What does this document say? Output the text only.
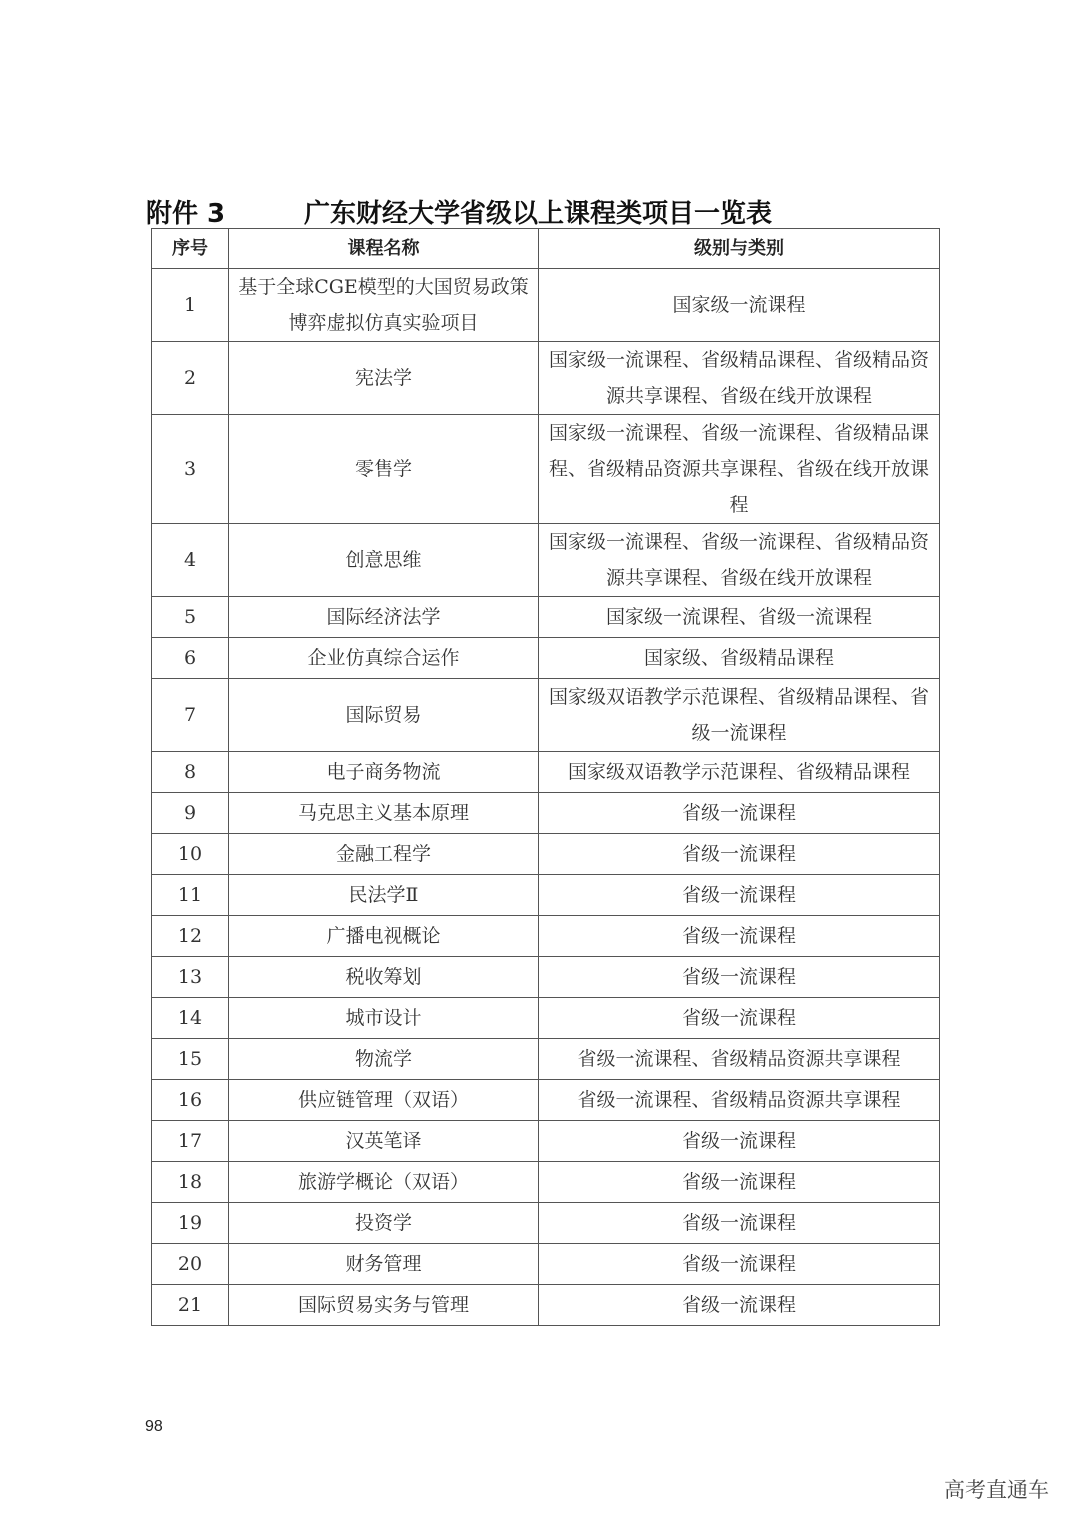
附件 3	广东财经大学省级以上课程类项目一览表
序号	课程名称	级别与类别
1	基于全球CGE模型的大国贸易政策博弈虚拟仿真实验项目	国家级一流课程
2	宪法学	国家级一流课程、省级精品课程、省级精品资源共享课程、省级在线开放课程
3	零售学	国家级一流课程、省级一流课程、省级精品课程、省级精品资源共享课程、省级在线开放课程
4	创意思维	国家级一流课程、省级一流课程、省级精品资源共享课程、省级在线开放课程
5	国际经济法学	国家级一流课程、省级一流课程
6	企业仿真综合运作	国家级、省级精品课程
7	国际贸易	国家级双语教学示范课程、省级精品课程、省级一流课程
8	电子商务物流	国家级双语教学示范课程、省级精品课程
9	马克思主义基本原理	省级一流课程
10	金融工程学	省级一流课程
11	民法学Ⅱ	省级一流课程
12	广播电视概论	省级一流课程
13	税收筹划	省级一流课程
14	城市设计	省级一流课程
15	物流学	省级一流课程、省级精品资源共享课程
16	供应链管理（双语）	省级一流课程、省级精品资源共享课程
17	汉英笔译	省级一流课程
18	旅游学概论（双语）	省级一流课程
19	投资学	省级一流课程
20	财务管理	省级一流课程
21	国际贸易实务与管理	省级一流课程
98
高考直通车
